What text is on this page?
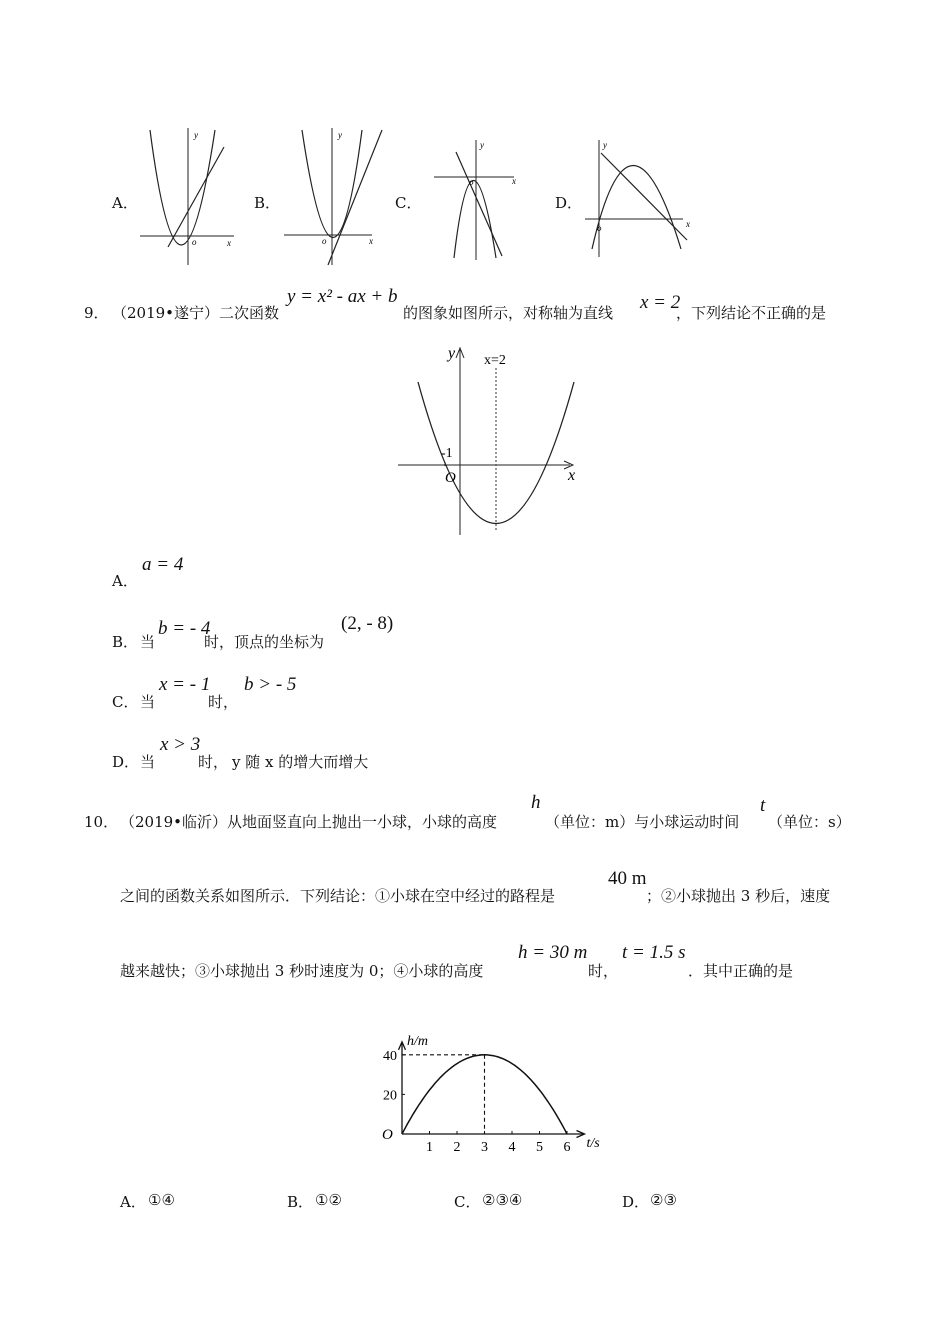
A．
y
x
o
B．
y
x
o
C．
y
x
o
D．
y
x
o
9． （2019•遂宁）二次函数
y = x² - ax + b
的图象如图所示，对称轴为直线 x = 2
，下列结论不正确的是
y
x
x=2
-1
O
A．
a = 4
B． 当
b = - 4
时，顶点的坐标为
(2, - 8)
C． 当
x = - 1
时，
b > - 5
D． 当
x > 3
时， y 随 x 的增大而增大
10． （2019•临沂）从地面竖直向上抛出一小球，小球的高度
h
（单位：m）与小球运动时间
t
（单位：s）
之间的函数关系如图所示．下列结论：①小球在空中经过的路程是
40 m
；②小球抛出 3 秒后，速度
越来越快；③小球抛出 3 秒时速度为 0；④小球的高度
h = 30 m
时，
t = 1.5 s
．其中正确的是
1 2 3 4 5 6
20
40
O
t/s
h/m
A． ①④	B． ①②	C． ②③④	D． ②③
